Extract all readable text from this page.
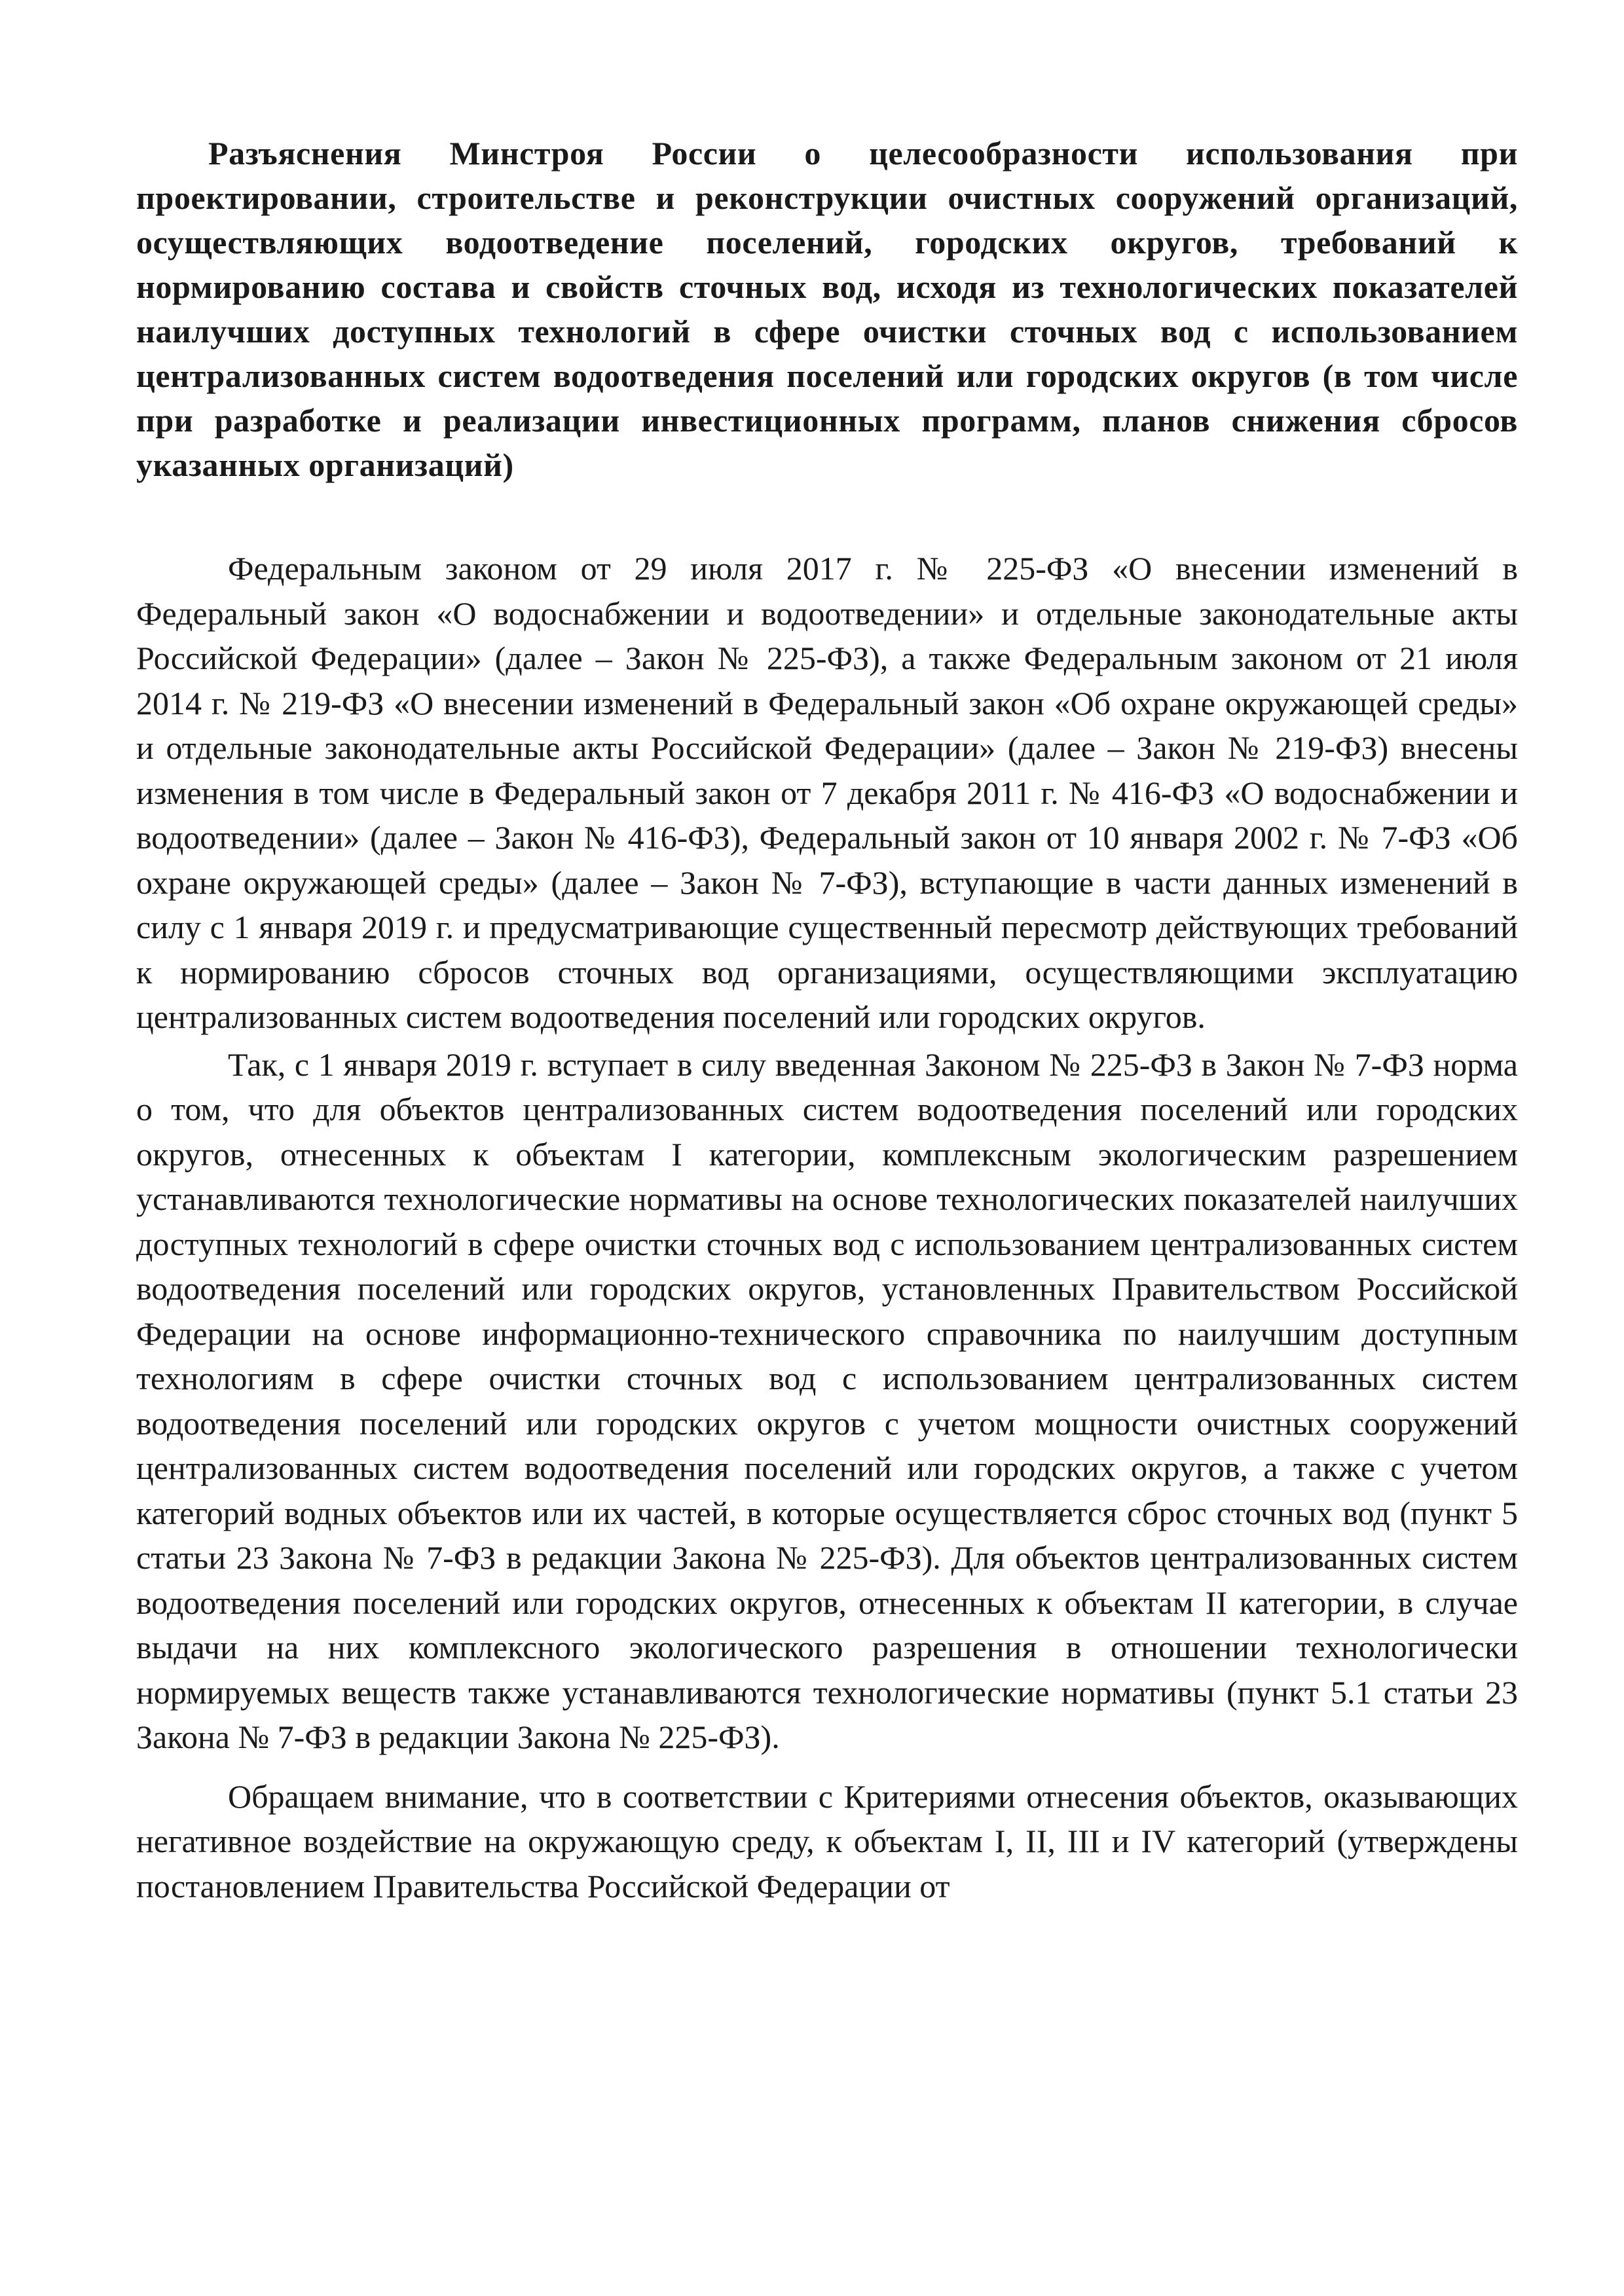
Разъяснения Минстроя России о целесообразности использования при проектировании, строительстве и реконструкции очистных сооружений организаций, осуществляющих водоотведение поселений, городских округов, требований к нормированию состава и свойств сточных вод, исходя из технологических показателей наилучших доступных технологий в сфере очистки сточных вод с использованием централизованных систем водоотведения поселений или городских округов (в том числе при разработке и реализации инвестиционных программ, планов снижения сбросов указанных организаций)

Федеральным законом от 29 июля 2017 г. № 225-ФЗ «О внесении изменений в Федеральный закон «О водоснабжении и водоотведении» и отдельные законодательные акты Российской Федерации» (далее – Закон № 225-ФЗ), а также Федеральным законом от 21 июля 2014 г. № 219-ФЗ «О внесении изменений в Федеральный закон «Об охране окружающей среды» и отдельные законодательные акты Российской Федерации» (далее – Закон № 219-ФЗ) внесены изменения в том числе в Федеральный закон от 7 декабря 2011 г. № 416-ФЗ «О водоснабжении и водоотведении» (далее – Закон № 416-ФЗ), Федеральный закон от 10 января 2002 г. № 7-ФЗ «Об охране окружающей среды» (далее – Закон № 7-ФЗ), вступающие в части данных изменений в силу с 1 января 2019 г. и предусматривающие существенный пересмотр действующих требований к нормированию сбросов сточных вод организациями, осуществляющими эксплуатацию централизованных систем водоотведения поселений или городских округов.

Так, с 1 января 2019 г. вступает в силу введенная Законом № 225-ФЗ в Закон № 7-ФЗ норма о том, что для объектов централизованных систем водоотведения поселений или городских округов, отнесенных к объектам I категории, комплексным экологическим разрешением устанавливаются технологические нормативы на основе технологических показателей наилучших доступных технологий в сфере очистки сточных вод с использованием централизованных систем водоотведения поселений или городских округов, установленных Правительством Российской Федерации на основе информационно-технического справочника по наилучшим доступным технологиям в сфере очистки сточных вод с использованием централизованных систем водоотведения поселений или городских округов с учетом мощности очистных сооружений централизованных систем водоотведения поселений или городских округов, а также с учетом категорий водных объектов или их частей, в которые осуществляется сброс сточных вод (пункт 5 статьи 23 Закона № 7-ФЗ в редакции Закона № 225-ФЗ). Для объектов централизованных систем водоотведения поселений или городских округов, отнесенных к объектам II категории, в случае выдачи на них комплексного экологического разрешения в отношении технологически нормируемых веществ также устанавливаются технологические нормативы (пункт 5.1 статьи 23 Закона № 7-ФЗ в редакции Закона № 225-ФЗ).

Обращаем внимание, что в соответствии с Критериями отнесения объектов, оказывающих негативное воздействие на окружающую среду, к объектам I, II, III и IV категорий (утверждены постановлением Правительства Российской Федерации от
